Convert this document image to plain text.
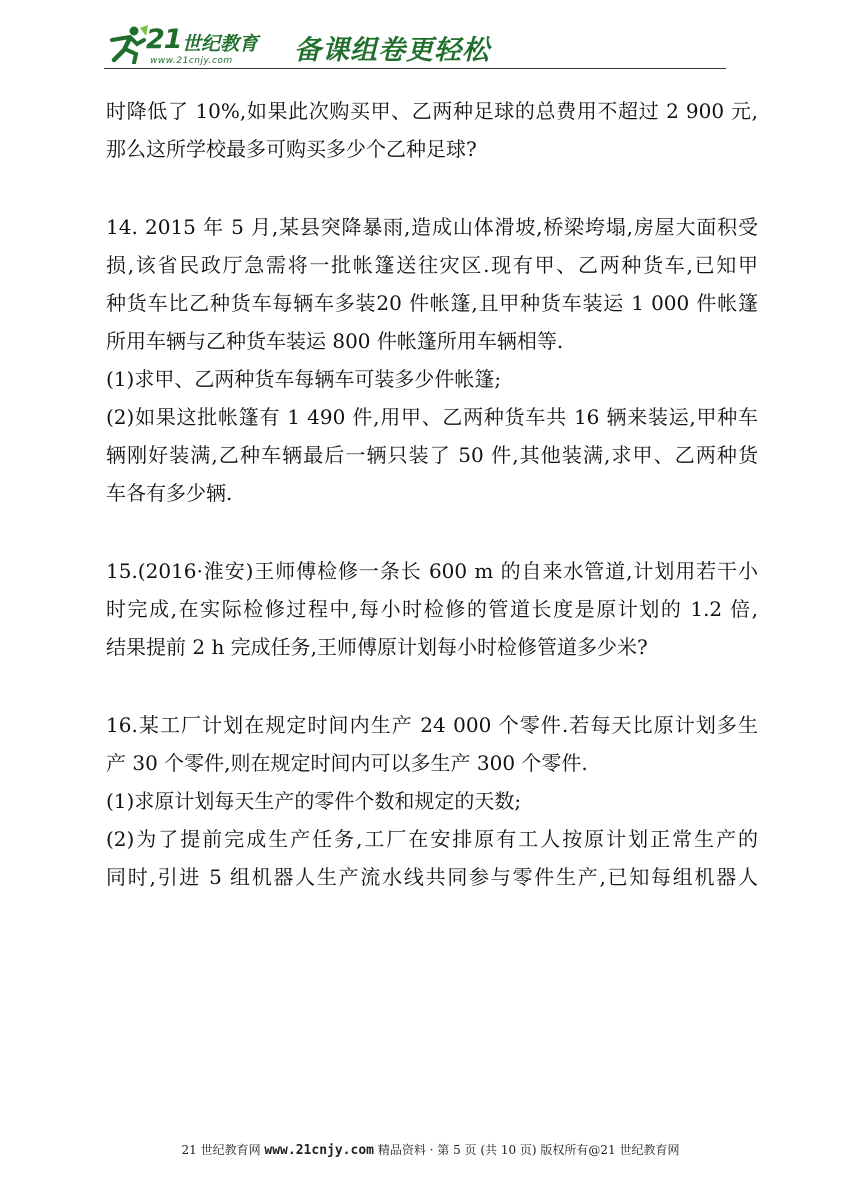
21 世纪教育
www.21cnjy.com 备课组卷更轻松
时降低了 10%,如果此次购买甲、乙两种足球的总费用不超过 2 900 元,
那么这所学校最多可购买多少个乙种足球?
14. 2015 年 5 月,某县突降暴雨,造成山体滑坡,桥梁垮塌,房屋大面积受
损,该省民政厅急需将一批帐篷送往灾区.现有甲、乙两种货车,已知甲
种货车比乙种货车每辆车多装20 件帐篷,且甲种货车装运 1 000 件帐篷
所用车辆与乙种货车装运 800 件帐篷所用车辆相等.
(1)求甲、乙两种货车每辆车可装多少件帐篷;
(2)如果这批帐篷有 1 490 件,用甲、乙两种货车共 16 辆来装运,甲种车
辆刚好装满,乙种车辆最后一辆只装了 50 件,其他装满,求甲、乙两种货
车各有多少辆.
15.(2016·淮安)王师傅检修一条长 600 m 的自来水管道,计划用若干小
时完成,在实际检修过程中,每小时检修的管道长度是原计划的 1.2 倍,
结果提前 2 h 完成任务,王师傅原计划每小时检修管道多少米?
16.某工厂计划在规定时间内生产 24 000 个零件.若每天比原计划多生
产 30 个零件,则在规定时间内可以多生产 300 个零件.
(1)求原计划每天生产的零件个数和规定的天数;
(2)为了提前完成生产任务,工厂在安排原有工人按原计划正常生产的
同时,引进 5 组机器人生产流水线共同参与零件生产,已知每组机器人
21 世纪教育网 www.21cnjy.com 精品资料 · 第 5 页 (共 10 页) 版权所有@21 世纪教育网
